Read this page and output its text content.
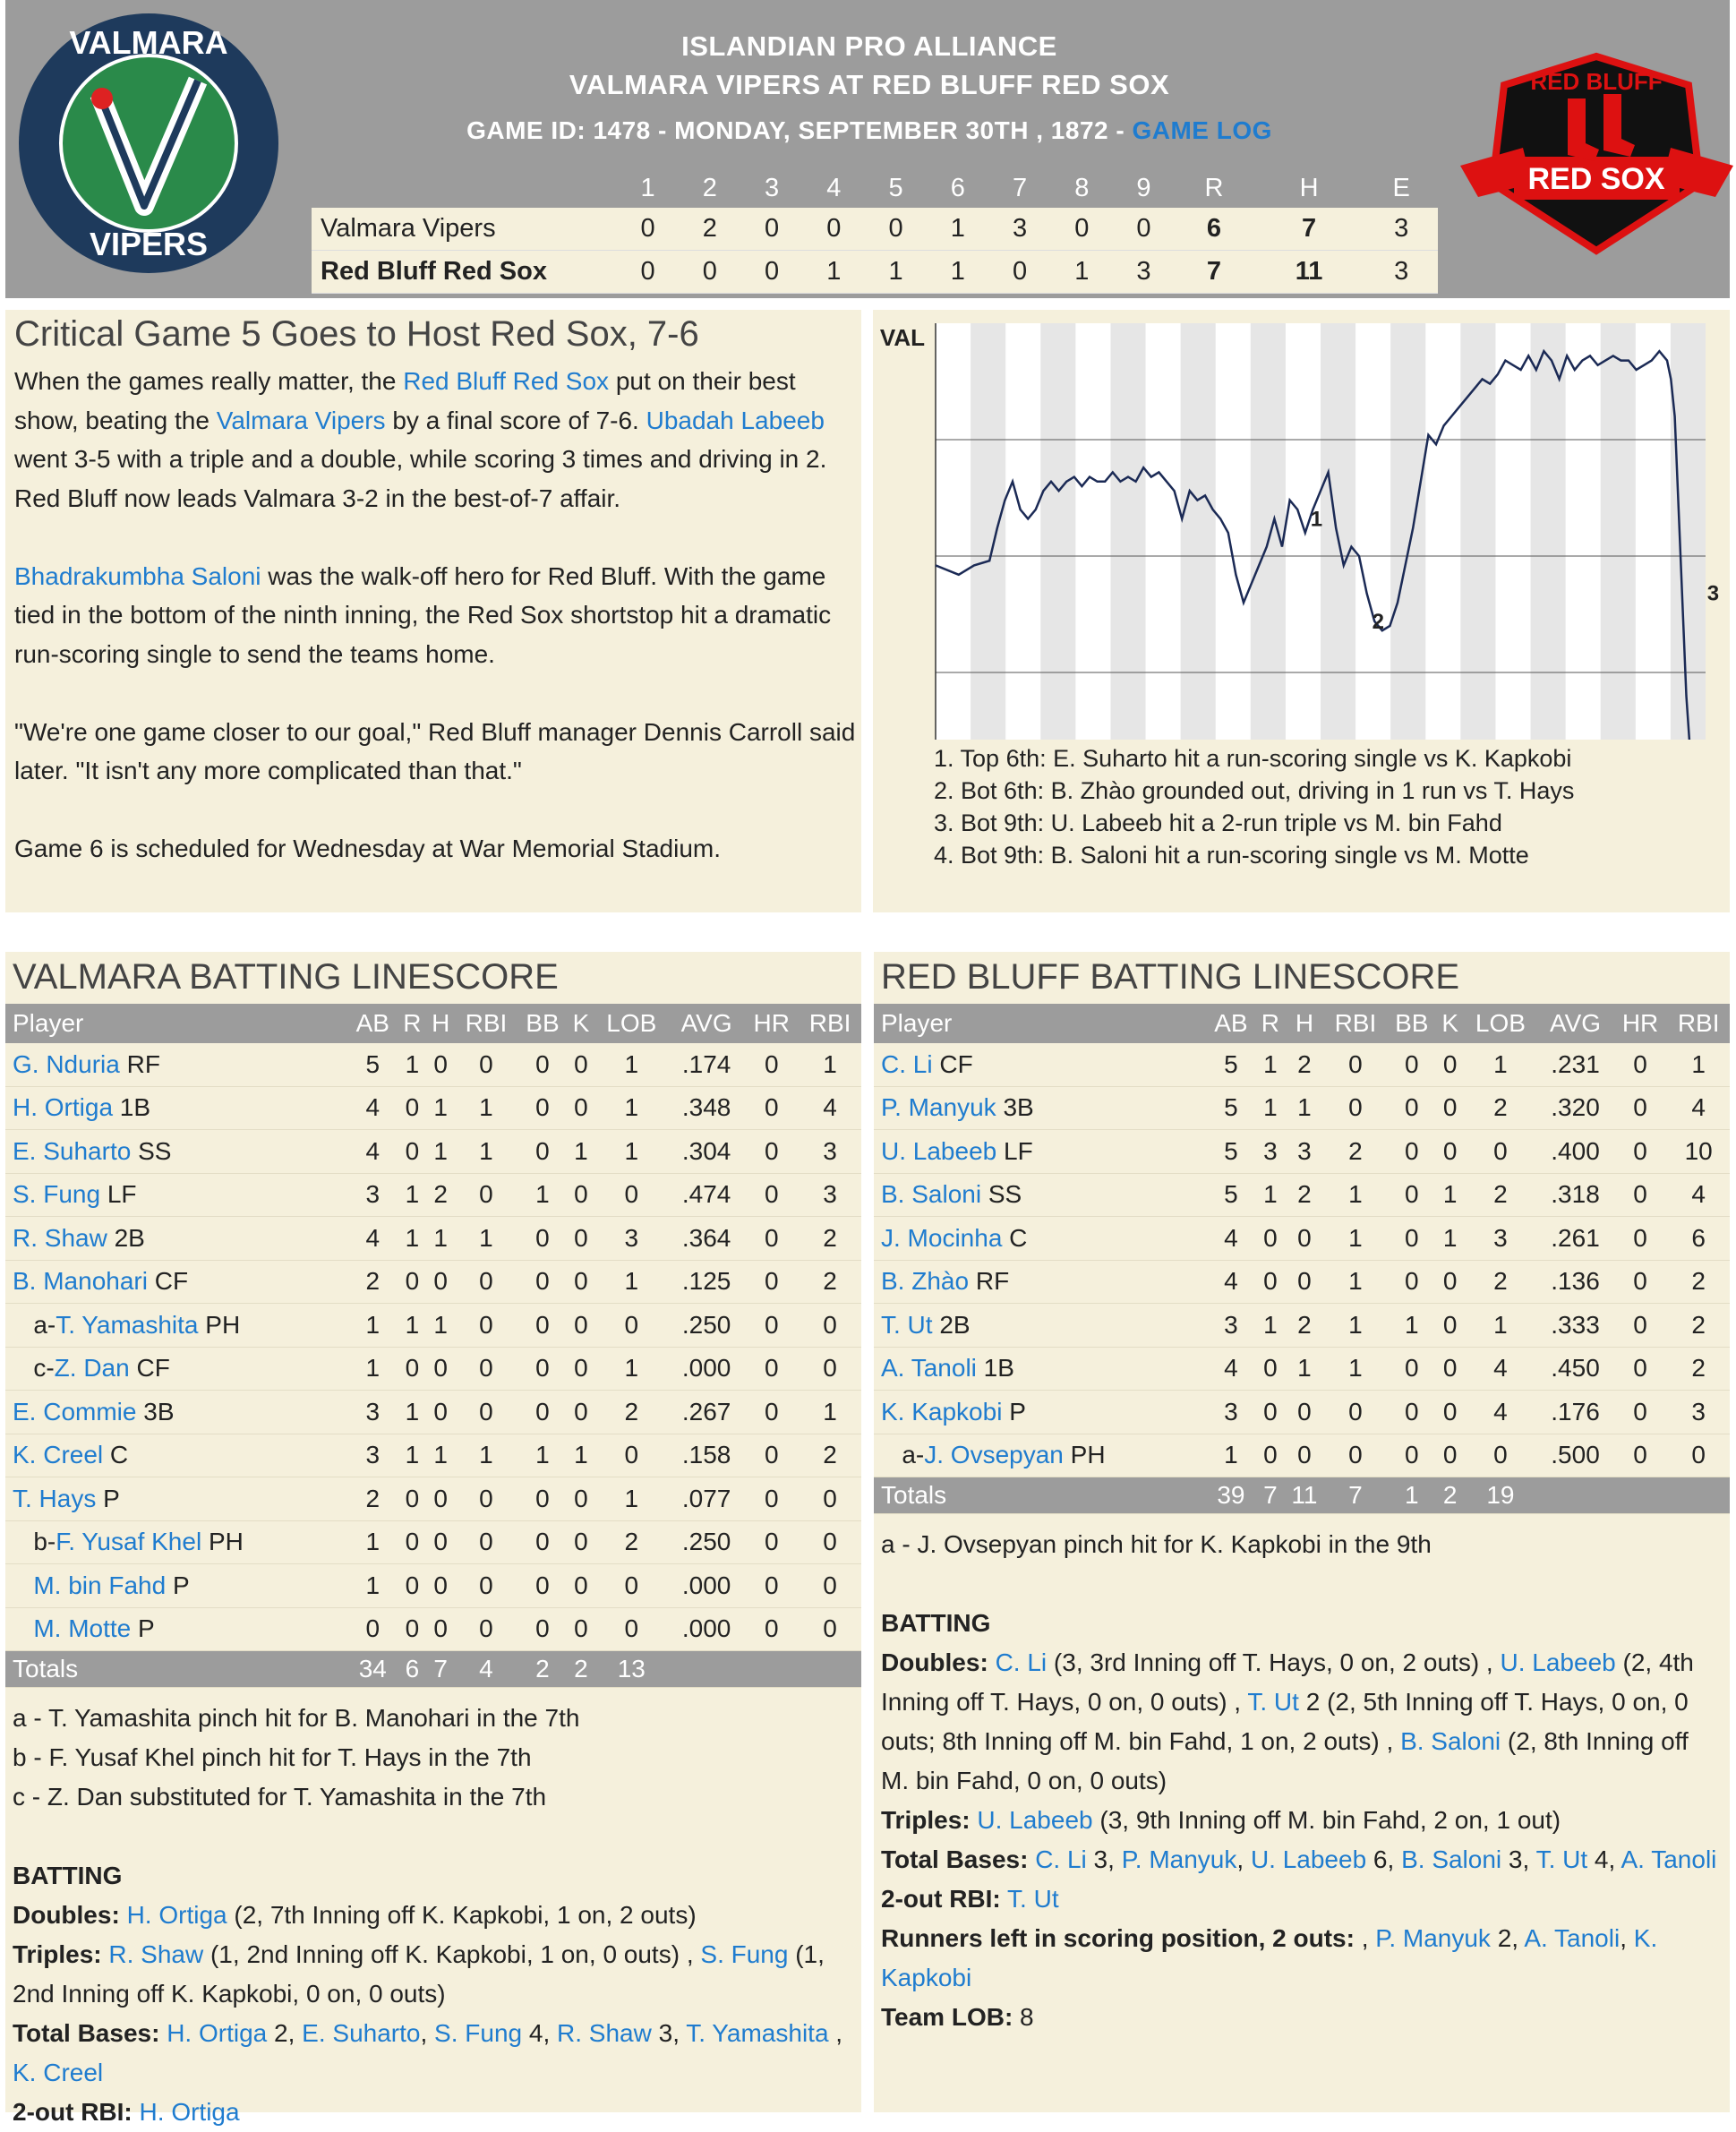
VALMARA
VIPERS
ISLANDIAN PRO ALLIANCE
VALMARA VIPERS AT RED BLUFF RED SOX
GAME ID: 1478 - MONDAY, SEPTEMBER 30TH , 1872 - GAME LOG
	1	2	3	4	5	6	7	8	9	R	H	E
Valmara Vipers	0	2	0	0	0	1	3	0	0	6	7	3
Red Bluff Red Sox	0	0	0	1	1	1	0	1	3	7	11	3
RED BLUFF
RED SOX
Critical Game 5 Goes to Host Red Sox, 7-6

When the games really matter, the Red Bluff Red Sox put on their best show, beating the Valmara Vipers by a final score of 7-6. Ubadah Labeeb went 3-5 with a triple and a double, while scoring 3 times and driving in 2. Red Bluff now leads Valmara 3-2 in the best-of-7 affair.

Bhadrakumbha Saloni was the walk-off hero for Red Bluff. With the game tied in the bottom of the ninth inning, the Red Sox shortstop hit a dramatic run-scoring single to send the teams home.

"We're one game closer to our goal," Red Bluff manager Dennis Carroll said later. "It isn't any more complicated than that."

Game 6 is scheduled for Wednesday at War Memorial Stadium.

VAL
1
2
3
1. Top 6th: E. Suharto hit a run-scoring single vs K. Kapkobi
2. Bot 6th: B. Zhào grounded out, driving in 1 run vs T. Hays
3. Bot 9th: U. Labeeb hit a 2-run triple vs M. bin Fahd
4. Bot 9th: B. Saloni hit a run-scoring single vs M. Motte
VALMARA BATTING LINESCORE
Player	AB	R	H	RBI	BB	K	LOB	AVG	HR	RBI
G. Nduria RF	5	1	0	0	0	0	1	.174	0	1
H. Ortiga 1B	4	0	1	1	0	0	1	.348	0	4
E. Suharto SS	4	0	1	1	0	1	1	.304	0	3
S. Fung LF	3	1	2	0	1	0	0	.474	0	3
R. Shaw 2B	4	1	1	1	0	0	3	.364	0	2
B. Manohari CF	2	0	0	0	0	0	1	.125	0	2
a-T. Yamashita PH	1	1	1	0	0	0	0	.250	0	0
c-Z. Dan CF	1	0	0	0	0	0	1	.000	0	0
E. Commie 3B	3	1	0	0	0	0	2	.267	0	1
K. Creel C	3	1	1	1	1	1	0	.158	0	2
T. Hays P	2	0	0	0	0	0	1	.077	0	0
b-F. Yusaf Khel PH	1	0	0	0	0	0	2	.250	0	0
M. bin Fahd P	1	0	0	0	0	0	0	.000	0	0
M. Motte P	0	0	0	0	0	0	0	.000	0	0
Totals	34	6	7	4	2	2	13			
a - T. Yamashita pinch hit for B. Manohari in the 7th
b - F. Yusaf Khel pinch hit for T. Hays in the 7th
c - Z. Dan substituted for T. Yamashita in the 7th
BATTING
Doubles: H. Ortiga (2, 7th Inning off K. Kapkobi, 1 on, 2 outs)
Triples: R. Shaw (1, 2nd Inning off K. Kapkobi, 1 on, 0 outs) , S. Fung (1, 2nd Inning off K. Kapkobi, 0 on, 0 outs)
Total Bases: H. Ortiga 2, E. Suharto, S. Fung 4, R. Shaw 3, T. Yamashita , K. Creel
2-out RBI: H. Ortiga
RED BLUFF BATTING LINESCORE
Player	AB	R	H	RBI	BB	K	LOB	AVG	HR	RBI
C. Li CF	5	1	2	0	0	0	1	.231	0	1
P. Manyuk 3B	5	1	1	0	0	0	2	.320	0	4
U. Labeeb LF	5	3	3	2	0	0	0	.400	0	10
B. Saloni SS	5	1	2	1	0	1	2	.318	0	4
J. Mocinha C	4	0	0	1	0	1	3	.261	0	6
B. Zhào RF	4	0	0	1	0	0	2	.136	0	2
T. Ut 2B	3	1	2	1	1	0	1	.333	0	2
A. Tanoli 1B	4	0	1	1	0	0	4	.450	0	2
K. Kapkobi P	3	0	0	0	0	0	4	.176	0	3
a-J. Ovsepyan PH	1	0	0	0	0	0	0	.500	0	0
Totals	39	7	11	7	1	2	19			
a - J. Ovsepyan pinch hit for K. Kapkobi in the 9th
BATTING
Doubles: C. Li (3, 3rd Inning off T. Hays, 0 on, 2 outs) , U. Labeeb (2, 4th Inning off T. Hays, 0 on, 0 outs) , T. Ut 2 (2, 5th Inning off T. Hays, 0 on, 0 outs; 8th Inning off M. bin Fahd, 1 on, 2 outs) , B. Saloni (2, 8th Inning off M. bin Fahd, 0 on, 0 outs)
Triples: U. Labeeb (3, 9th Inning off M. bin Fahd, 2 on, 1 out)
Total Bases: C. Li 3, P. Manyuk, U. Labeeb 6, B. Saloni 3, T. Ut 4, A. Tanoli
2-out RBI: T. Ut
Runners left in scoring position, 2 outs: , P. Manyuk 2, A. Tanoli, K. Kapkobi
Team LOB: 8
